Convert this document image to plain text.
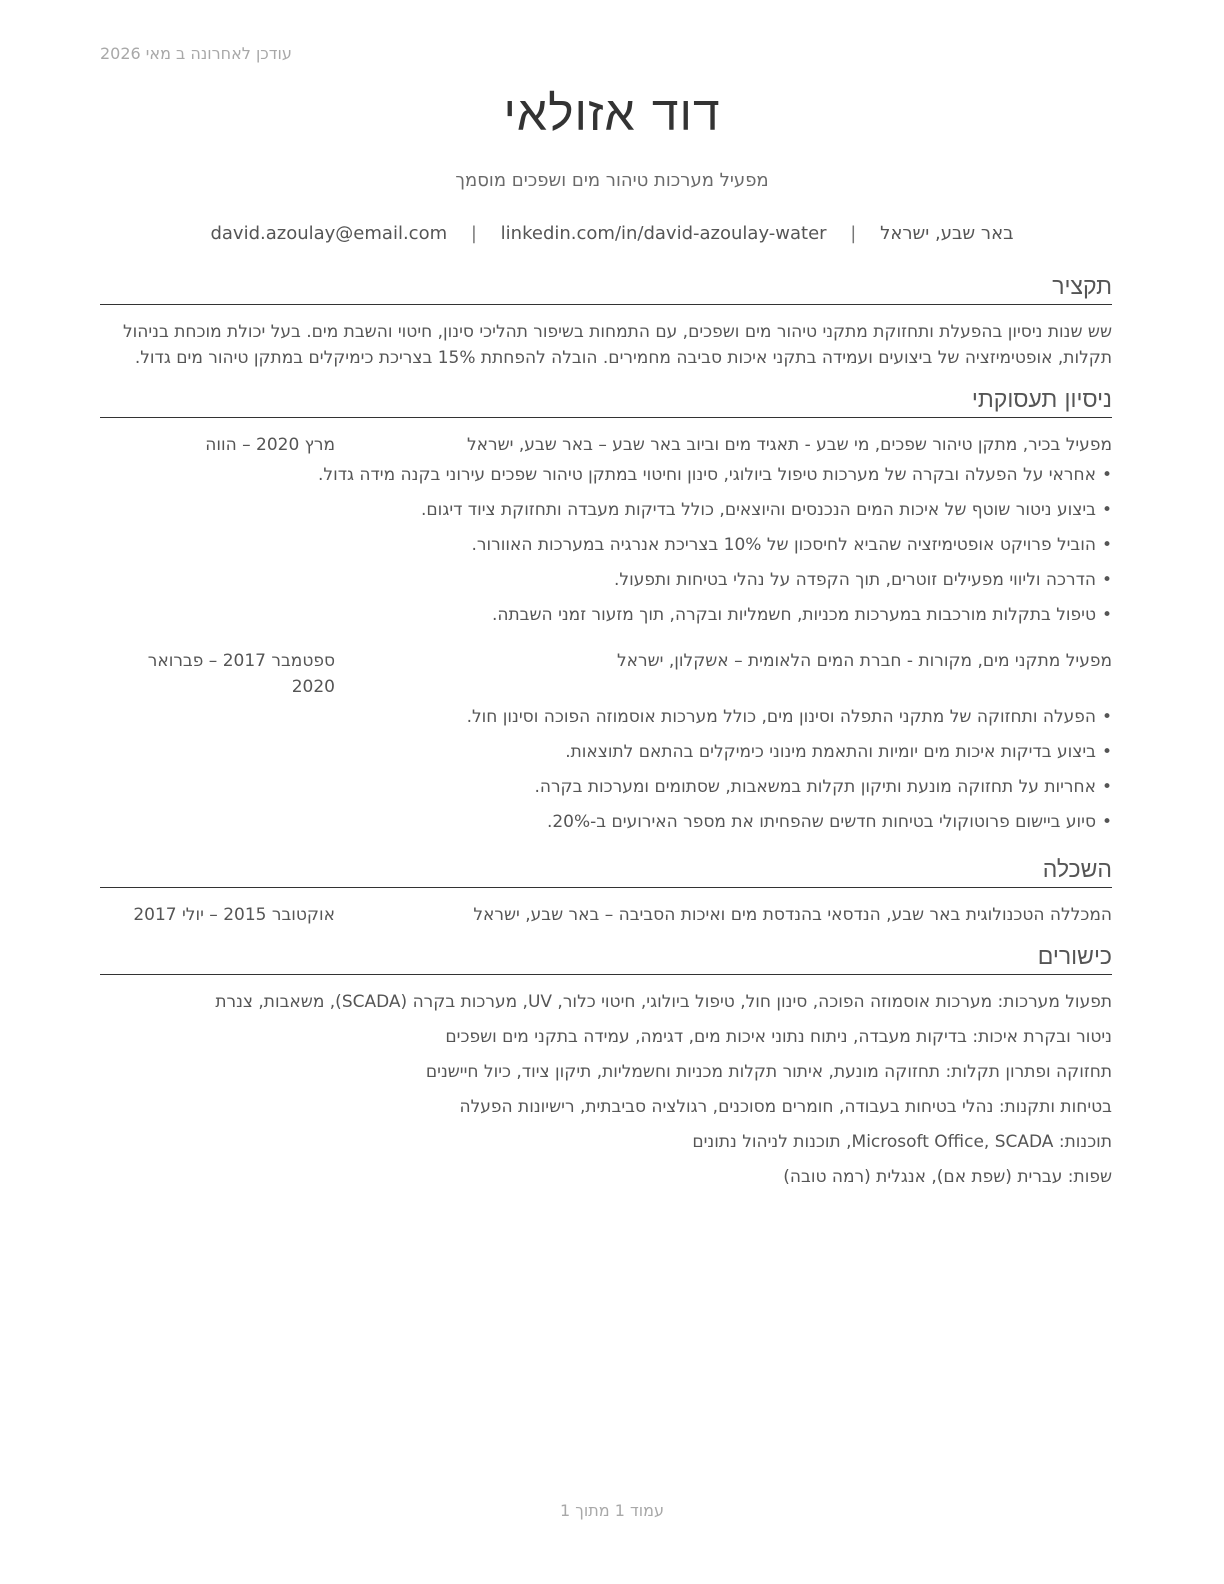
עודכן לאחרונה ב מאי 2026
דוד אזולאי
מפעיל מערכות טיהור מים ושפכים מוסמך
באר שבע, ישראל | david.azoulay@email.com | linkedin.com/in/david-azoulay-water
תקציר
שש שנות ניסיון בהפעלת ותחזוקת מתקני טיהור מים ושפכים, עם התמחות בשיפור תהליכי סינון, חיטוי והשבת מים. בעל יכולת מוכחת בניהול תקלות, אופטימיזציה של ביצועים ועמידה בתקני איכות סביבה מחמירים. הובלה להפחתת 15% בצריכת כימיקלים במתקן טיהור מים גדול.
ניסיון תעסוקתי
מפעיל בכיר, מתקן טיהור שפכים, מי שבע - תאגיד מים וביוב באר שבע – באר שבע, ישראל
מרץ 2020 – הווה
• אחראי על הפעלה ובקרה של מערכות טיפול ביולוגי, סינון וחיטוי במתקן טיהור שפכים עירוני בקנה מידה גדול.
• ביצוע ניטור שוטף של איכות המים הנכנסים והיוצאים, כולל בדיקות מעבדה ותחזוקת ציוד דיגום.
• הוביל פרויקט אופטימיזציה שהביא לחיסכון של 10% בצריכת אנרגיה במערכות האוורור.
• הדרכה וליווי מפעילים זוטרים, תוך הקפדה על נהלי בטיחות ותפעול.
• טיפול בתקלות מורכבות במערכות מכניות, חשמליות ובקרה, תוך מזעור זמני השבתה.
מפעיל מתקני מים, מקורות - חברת המים הלאומית – אשקלון, ישראל
ספטמבר 2017 – פברואר 2020
• הפעלה ותחזוקה של מתקני התפלה וסינון מים, כולל מערכות אוסמוזה הפוכה וסינון חול.
• ביצוע בדיקות איכות מים יומיות והתאמת מינוני כימיקלים בהתאם לתוצאות.
• אחריות על תחזוקה מונעת ותיקון תקלות במשאבות, שסתומים ומערכות בקרה.
• סיוע ביישום פרוטוקולי בטיחות חדשים שהפחיתו את מספר האירועים ב-20%.
השכלה
המכללה הטכנולוגית באר שבע, הנדסאי בהנדסת מים ואיכות הסביבה – באר שבע, ישראל
אוקטובר 2015 – יולי 2017
כישורים
תפעול מערכות: מערכות אוסמוזה הפוכה, סינון חול, טיפול ביולוגי, חיטוי כלור, UV, מערכות בקרה (SCADA), משאבות, צנרת
ניטור ובקרת איכות: בדיקות מעבדה, ניתוח נתוני איכות מים, דגימה, עמידה בתקני מים ושפכים
תחזוקה ופתרון תקלות: תחזוקה מונעת, איתור תקלות מכניות וחשמליות, תיקון ציוד, כיול חיישנים
בטיחות ותקנות: נהלי בטיחות בעבודה, חומרים מסוכנים, רגולציה סביבתית, רישיונות הפעלה
תוכנות: Microsoft Office, SCADA, תוכנות לניהול נתונים
שפות: עברית (שפת אם), אנגלית (רמה טובה)
עמוד 1 מתוך 1
